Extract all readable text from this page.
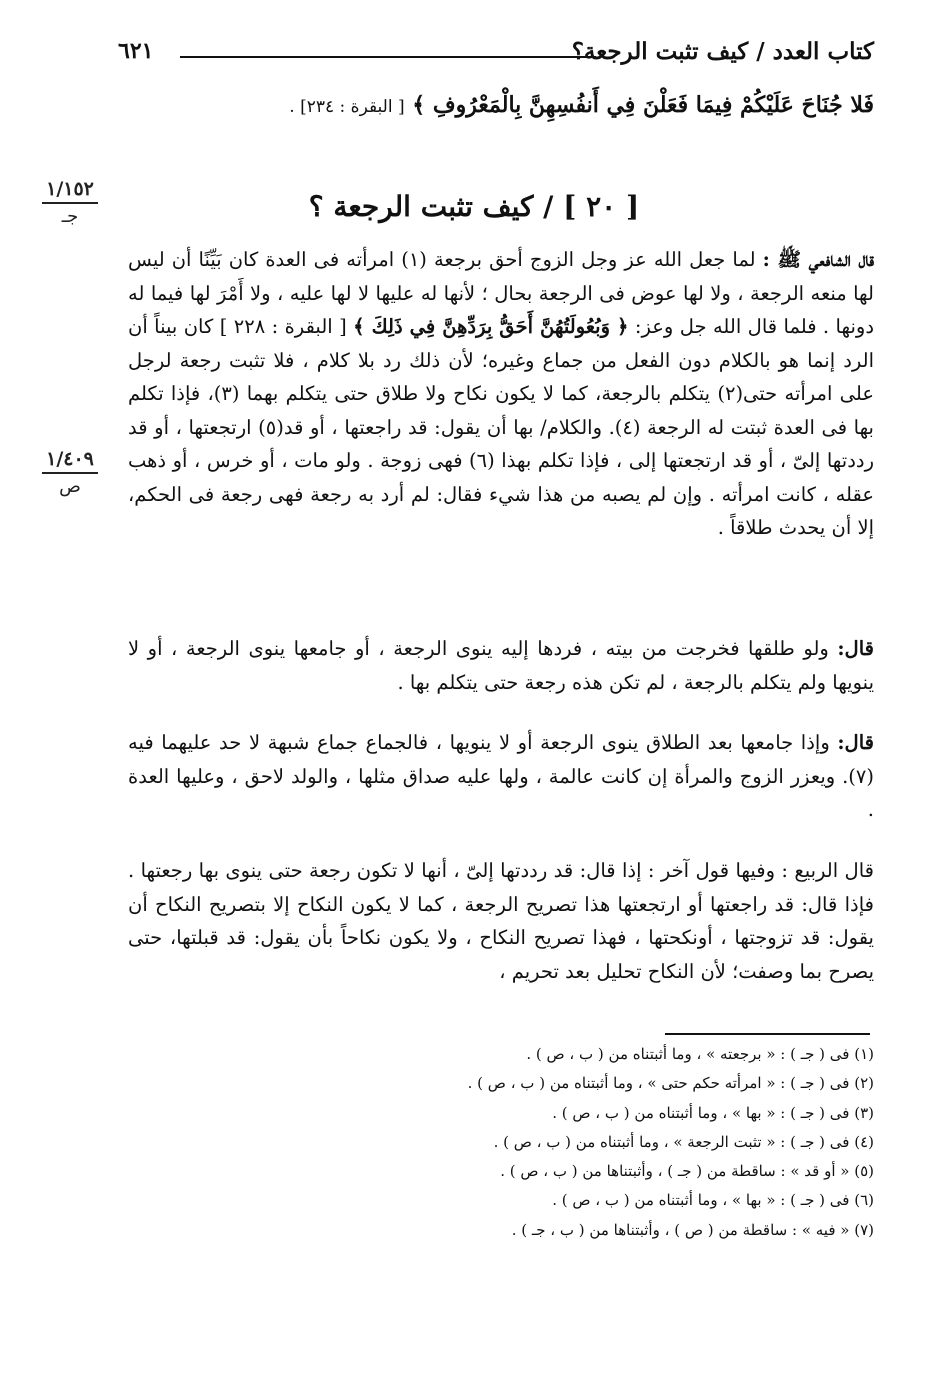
كتاب العدد / كيف تثبت الرجعة؟
٦٢١
فَلا جُنَاحَ عَلَيْكُمْ فِيمَا فَعَلْنَ فِي أَنفُسِهِنَّ بِالْمَعْرُوفِ ﴾ [ البقرة : ٢٣٤] .
[ ٢٠ ] / كيف تثبت الرجعة ؟
١/١٥٢
جـ
١/٤٠٩
ص
قال الشافعي ﷺ : لما جعل الله عز وجل الزوج أحق برجعة (١) امرأته فى العدة كان بَيِّنًا أن ليس لها منعه الرجعة ، ولا لها عوض فى الرجعة بحال ؛ لأنها له عليها لا لها عليه ، ولا أَمْرَ لها فيما له دونها . فلما قال الله جل وعز: ﴿ وَبُعُولَتُهُنَّ أَحَقُّ بِرَدِّهِنَّ فِي ذَلِكَ ﴾ [ البقرة : ٢٢٨ ] كان بيناً أن الرد إنما هو بالكلام دون الفعل من جماع وغيره؛ لأن ذلك رد بلا كلام ، فلا تثبت رجعة لرجل على امرأته حتى(٢) يتكلم بالرجعة، كما لا يكون نكاح ولا طلاق حتى يتكلم بهما (٣)، فإذا تكلم بها فى العدة ثبتت له الرجعة (٤). والكلام/ بها أن يقول: قد راجعتها ، أو قد(٥) ارتجعتها ، أو قد رددتها إلىّ ، أو قد ارتجعتها إلى ، فإذا تكلم بهذا (٦) فهى زوجة . ولو مات ، أو خرس ، أو ذهب عقله ، كانت امرأته . وإن لم يصبه من هذا شيء فقال: لم أرد به رجعة فهى رجعة فى الحكم، إلا أن يحدث طلاقاً .
قال: ولو طلقها فخرجت من بيته ، فردها إليه ينوى الرجعة ، أو جامعها ينوى الرجعة ، أو لا ينويها ولم يتكلم بالرجعة ، لم تكن هذه رجعة حتى يتكلم بها .
قال: وإذا جامعها بعد الطلاق ينوى الرجعة أو لا ينويها ، فالجماع جماع شبهة لا حد عليهما فيه (٧). ويعزر الزوج والمرأة إن كانت عالمة ، ولها عليه صداق مثلها ، والولد لاحق ، وعليها العدة .
قال الربيع : وفيها قول آخر : إذا قال: قد رددتها إلىّ ، أنها لا تكون رجعة حتى ينوى بها رجعتها . فإذا قال: قد راجعتها أو ارتجعتها هذا تصريح الرجعة ، كما لا يكون النكاح إلا بتصريح النكاح أن يقول: قد تزوجتها ، أونكحتها ، فهذا تصريح النكاح ، ولا يكون نكاحاً بأن يقول: قد قبلتها، حتى يصرح بما وصفت؛ لأن النكاح تحليل بعد تحريم ،
(١) فى ( جـ ) : « برجعته » ، وما أثبتناه من ( ب ، ص ) .
(٢) فى ( جـ ) : « امرأته حكم حتى » ، وما أثبتناه من ( ب ، ص ) .
(٣) فى ( جـ ) : « بها » ، وما أثبتناه من ( ب ، ص ) .
(٤) فى ( جـ ) : « تثبت الرجعة » ، وما أثبتناه من ( ب ، ص ) .
(٥) « أو قد » : ساقطة من ( جـ ) ، وأثبتناها من ( ب ، ص ) .
(٦) فى ( جـ ) : « بها » ، وما أثبتناه من ( ب ، ص ) .
(٧) « فيه » : ساقطة من ( ص ) ، وأثبتناها من ( ب ، جـ ) .
